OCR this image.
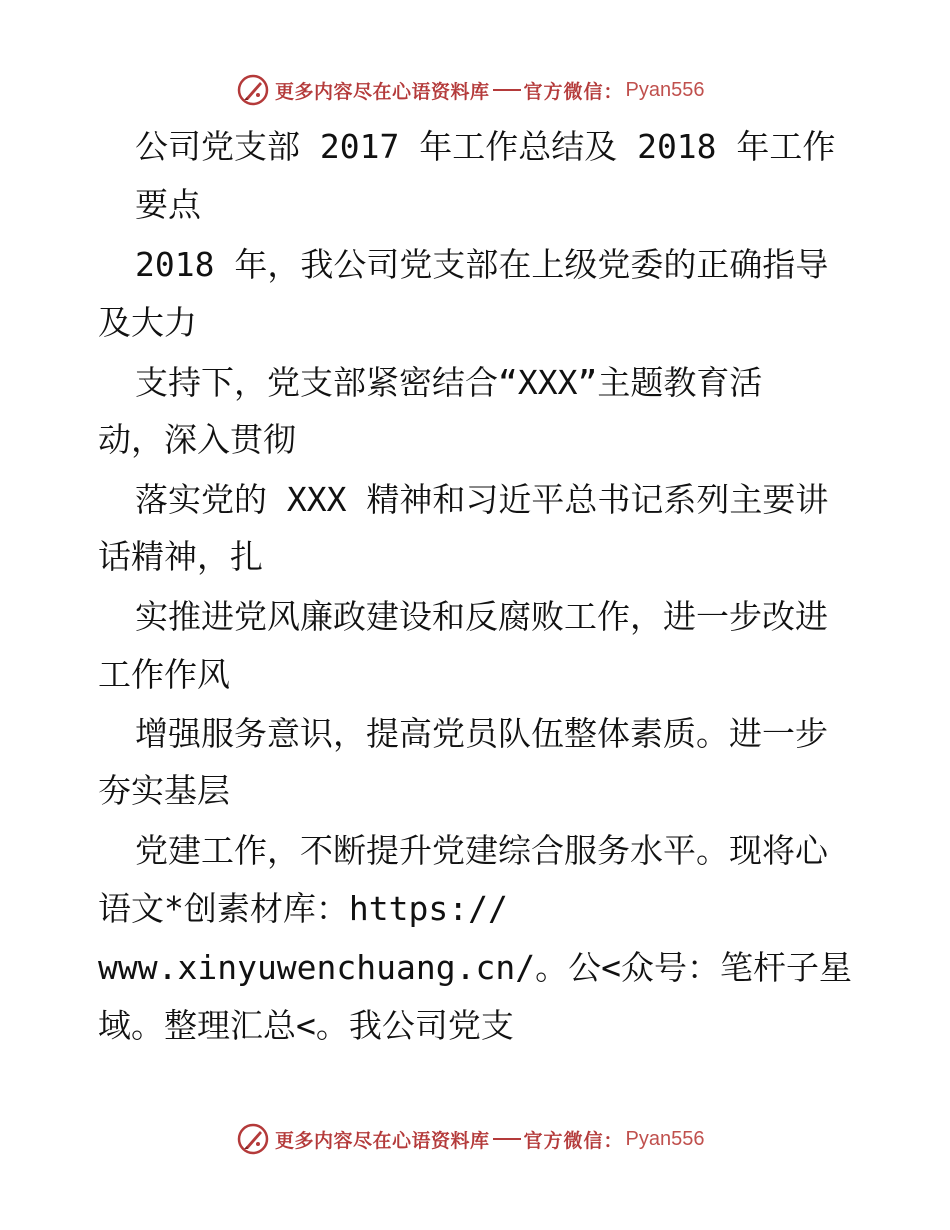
更多内容尽在心语资料库 官方微信： Pyan556
公司党支部 2017 年工作总结及 2018 年工作
要点
2018 年，我公司党支部在上级党委的正确指导
及大力
支持下，党支部紧密结合“XXX”主题教育活
动，深入贯彻
落实党的 XXX 精神和习近平总书记系列主要讲
话精神，扎
实推进党风廉政建设和反腐败工作，进一步改进
工作作风
增强服务意识，提高党员队伍整体素质。进一步
夯实基层
党建工作，不断提升党建综合服务水平。现将心
语文*创素材库：https://
www.xinyuwenchuang.cn/。公<众号：笔杆子星
域。整理汇总<。我公司党支
更多内容尽在心语资料库 官方微信： Pyan556
